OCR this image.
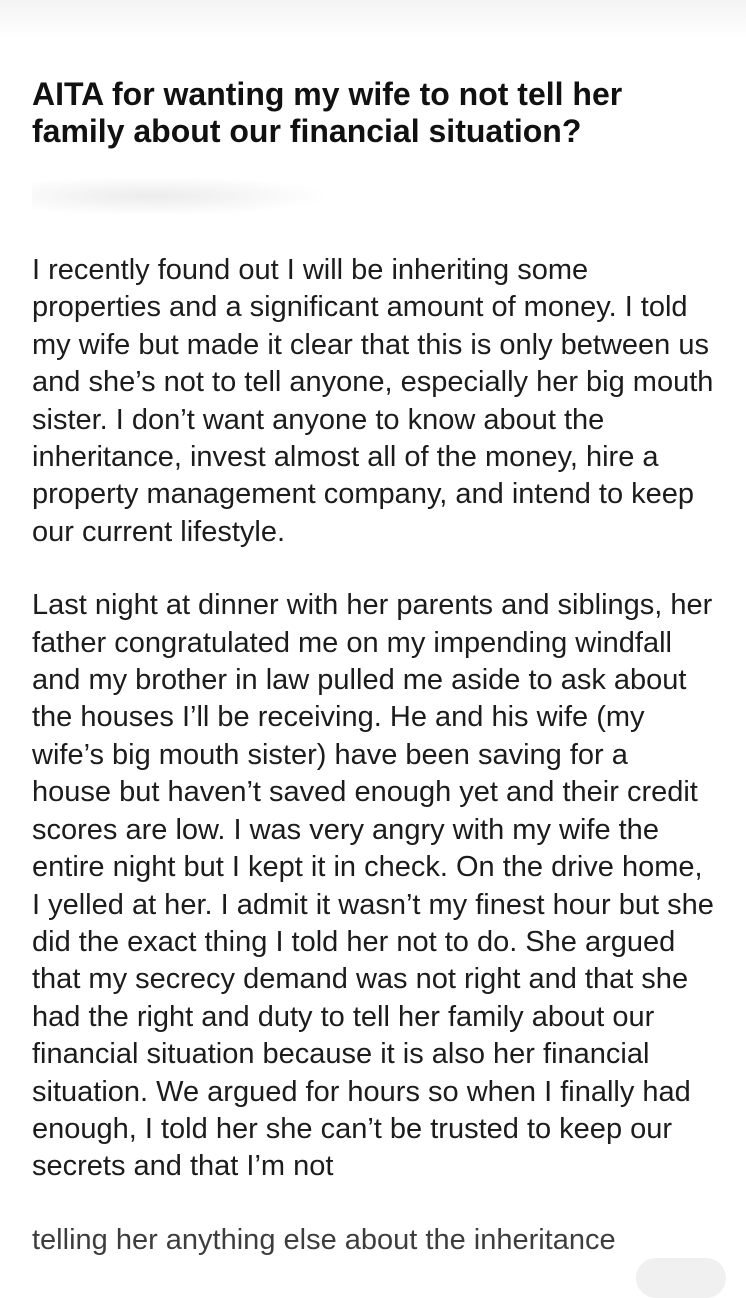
AITA for wanting my wife to not tell her family about our financial situation?

I recently found out I will be inheriting some properties and a significant amount of money. I told my wife but made it clear that this is only between us and she’s not to tell anyone, especially her big mouth sister. I don’t want anyone to know about the inheritance, invest almost all of the money, hire a property management company, and intend to keep our current lifestyle.

Last night at dinner with her parents and siblings, her father congratulated me on my impending windfall and my brother in law pulled me aside to ask about the houses I’ll be receiving. He and his wife (my wife’s big mouth sister) have been saving for a house but haven’t saved enough yet and their credit scores are low. I was very angry with my wife the entire night but I kept it in check. On the drive home, I yelled at her. I admit it wasn’t my finest hour but she did the exact thing I told her not to do. She argued that my secrecy demand was not right and that she had the right and duty to tell her family about our financial situation because it is also her financial situation. We argued for hours so when I finally had enough, I told her she can’t be trusted to keep our secrets and that I’m not

telling her anything else about the inheritance
